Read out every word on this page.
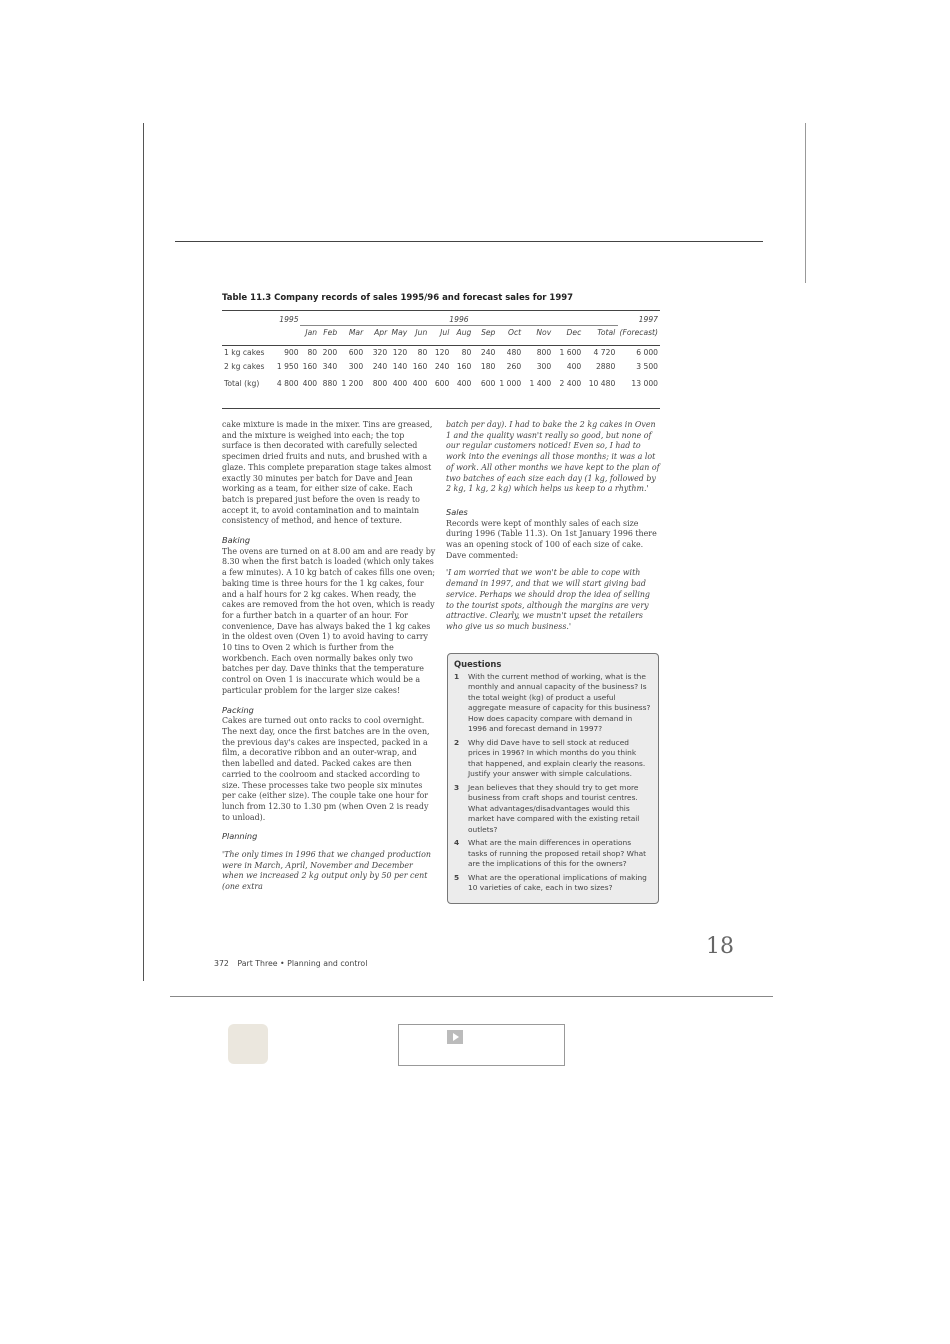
Table 11.3 Company records of sales 1995/96 and forecast sales for 1997
	1995	1996													1997
		Jan	Feb	Mar	Apr	May	Jun	Jul	Aug	Sep	Oct	Nov	Dec	Total	(Forecast)
1 kg cakes	900	80	200	600	320	120	80	120	80	240	480	800	1 600	4 720	6 000
2 kg cakes	1 950	160	340	300	240	140	160	240	160	180	260	300	400	2880	3 500
Total (kg)	4 800	400	880	1 200	800	400	400	600	400	600	1 000	1 400	2 400	10 480	13 000

cake mixture is made in the mixer. Tins are greased, and the mixture is weighed into each; the top surface is then decorated with carefully selected specimen dried fruits and nuts, and brushed with a glaze. This complete preparation stage takes almost exactly 30 minutes per batch for Dave and Jean working as a team, for either size of cake. Each batch is prepared just before the oven is ready to accept it, to avoid contamination and to maintain consistency of method, and hence of texture.

Baking

The ovens are turned on at 8.00 am and are ready by 8.30 when the first batch is loaded (which only takes a few minutes). A 10 kg batch of cakes fills one oven; baking time is three hours for the 1 kg cakes, four and a half hours for 2 kg cakes. When ready, the cakes are removed from the hot oven, which is ready for a further batch in a quarter of an hour. For convenience, Dave has always baked the 1 kg cakes in the oldest oven (Oven 1) to avoid having to carry 10 tins to Oven 2 which is further from the workbench. Each oven normally bakes only two batches per day. Dave thinks that the temperature control on Oven 1 is inaccurate which would be a particular problem for the larger size cakes!

Packing

Cakes are turned out onto racks to cool overnight. The next day, once the first batches are in the oven, the previous day's cakes are inspected, packed in a film, a decorative ribbon and an outer-wrap, and then labelled and dated. Packed cakes are then carried to the coolroom and stacked according to size. These processes take two people six minutes per cake (either size). The couple take one hour for lunch from 12.30 to 1.30 pm (when Oven 2 is ready to unload).

Planning

'The only times in 1996 that we changed production were in March, April, November and December when we increased 2 kg output only by 50 per cent (one extra

batch per day). I had to bake the 2 kg cakes in Oven 1 and the quality wasn't really so good, but none of our regular customers noticed! Even so, I had to work into the evenings all those months; it was a lot of work. All other months we have kept to the plan of two batches of each size each day (1 kg, followed by 2 kg, 1 kg, 2 kg) which helps us keep to a rhythm.'

Sales

Records were kept of monthly sales of each size during 1996 (Table 11.3). On 1st January 1996 there was an opening stock of 100 of each size of cake. Dave commented:

'I am worried that we won't be able to cope with demand in 1997, and that we will start giving bad service. Perhaps we should drop the idea of selling to the tourist spots, although the margins are very attractive. Clearly, we mustn't upset the retailers who give us so much business.'

Questions
1	With the current method of working, what is the monthly and annual capacity of the business? Is the total weight (kg) of product a useful aggregate measure of capacity for this business? How does capacity compare with demand in 1996 and forecast demand in 1997?
2	Why did Dave have to sell stock at reduced prices in 1996? In which months do you think that happened, and explain clearly the reasons. Justify your answer with simple calculations.
3	Jean believes that they should try to get more business from craft shops and tourist centres. What advantages/disadvantages would this market have compared with the existing retail outlets?
4	What are the main differences in operations tasks of running the proposed retail shop? What are the implications of this for the owners?
5	What are the operational implications of making 10 varieties of cake, each in two sizes?
372 Part Three • Planning and control
18
